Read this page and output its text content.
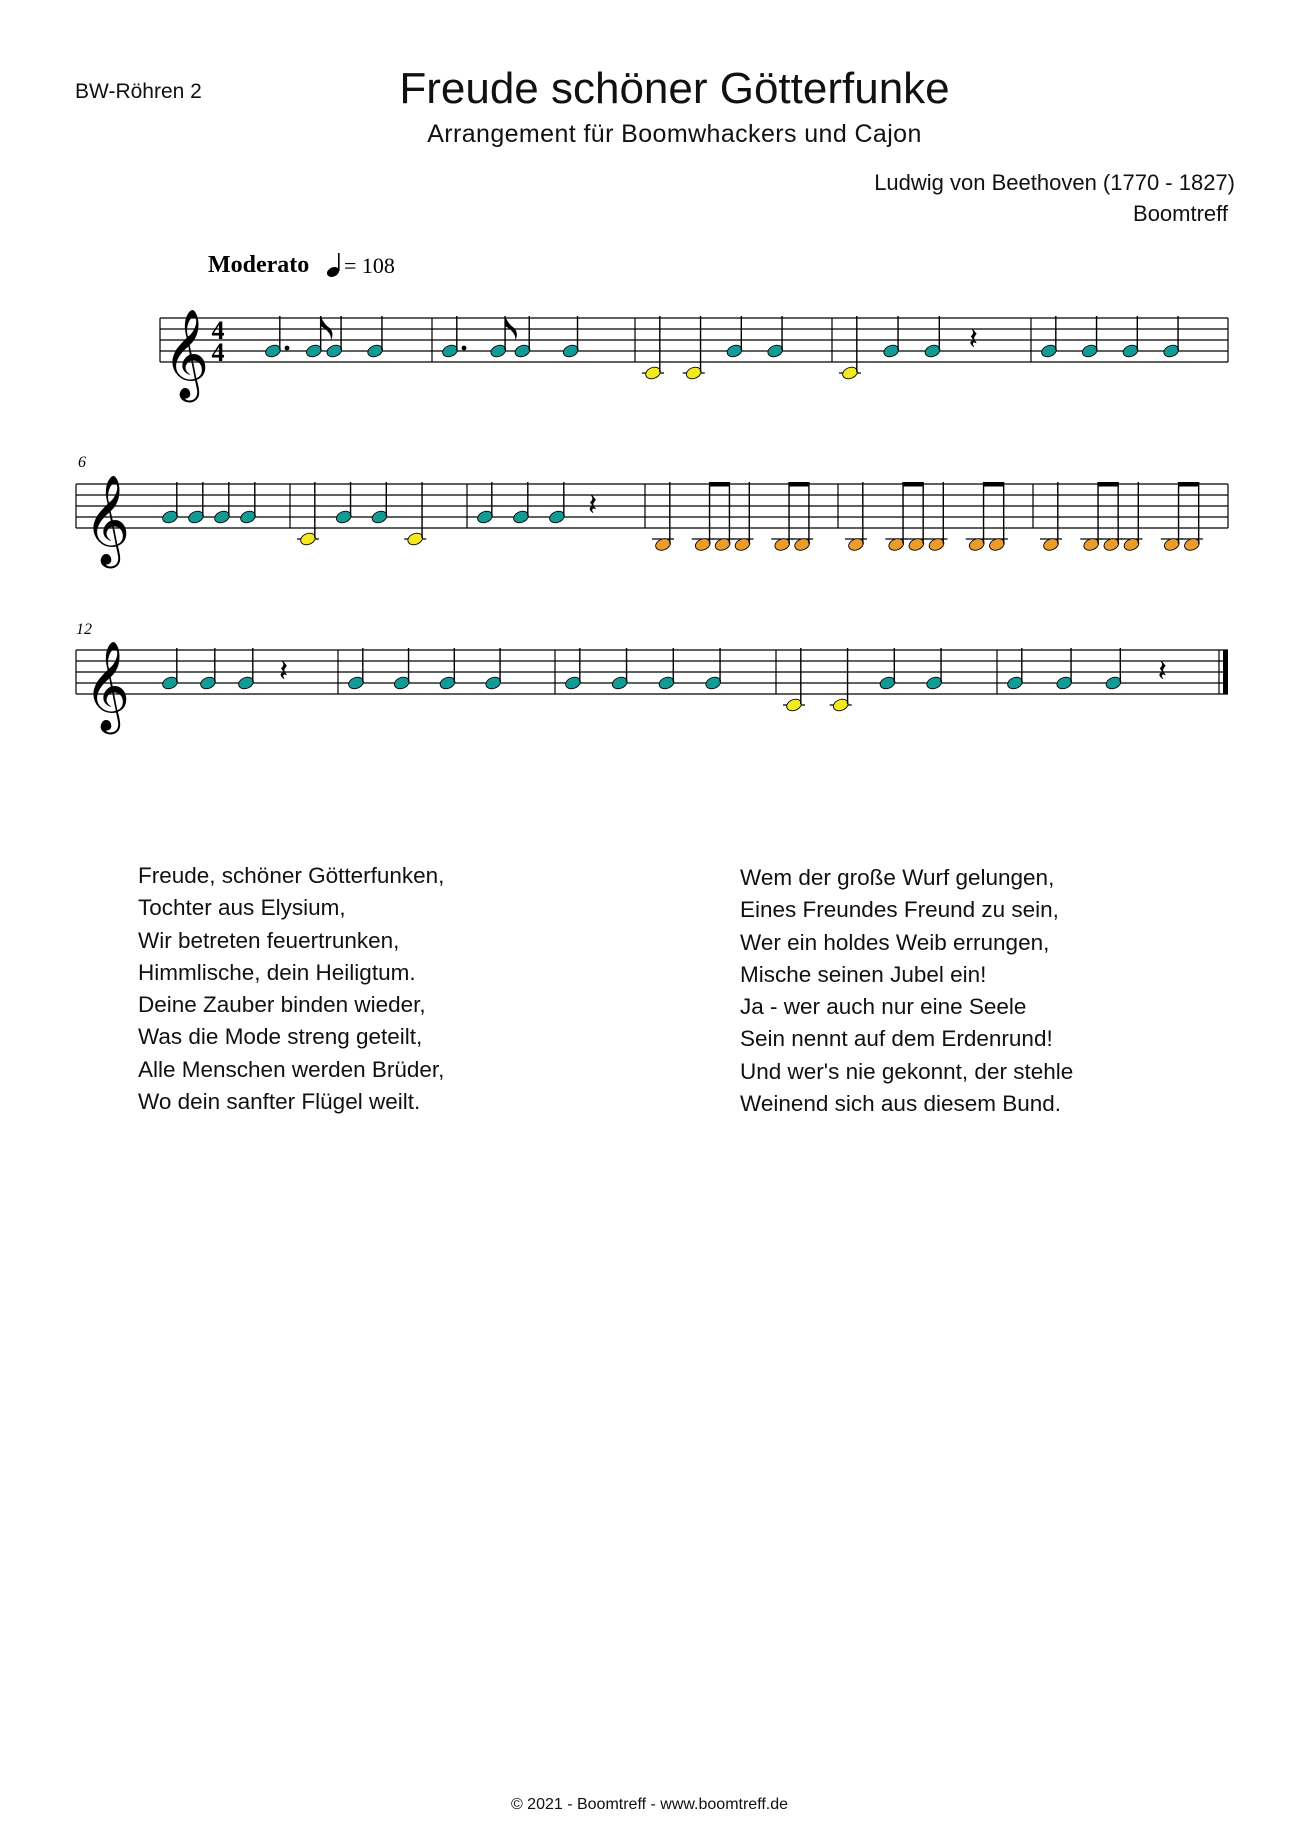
BW-Röhren 2	Freude schöner Götterfunke
Arrangement für Boomwhackers und Cajon
Ludwig von Beethoven (1770 - 1827)
Boomtreff
Moderato = 108
𝄞 4
4	𝄽
𝄞
6
𝄽
𝄞
12
𝄽	𝄽
Freude, schöner Götterfunken,
Tochter aus Elysium,
Wir betreten feuertrunken,
Himmlische, dein Heiligtum.
Deine Zauber binden wieder,
Was die Mode streng geteilt,
Alle Menschen werden Brüder,
Wo dein sanfter Flügel weilt.
Wem der große Wurf gelungen,
Eines Freundes Freund zu sein,
Wer ein holdes Weib errungen,
Mische seinen Jubel ein!
Ja - wer auch nur eine Seele
Sein nennt auf dem Erdenrund!
Und wer's nie gekonnt, der stehle
Weinend sich aus diesem Bund.
© 2021 - Boomtreff - www.boomtreff.de
